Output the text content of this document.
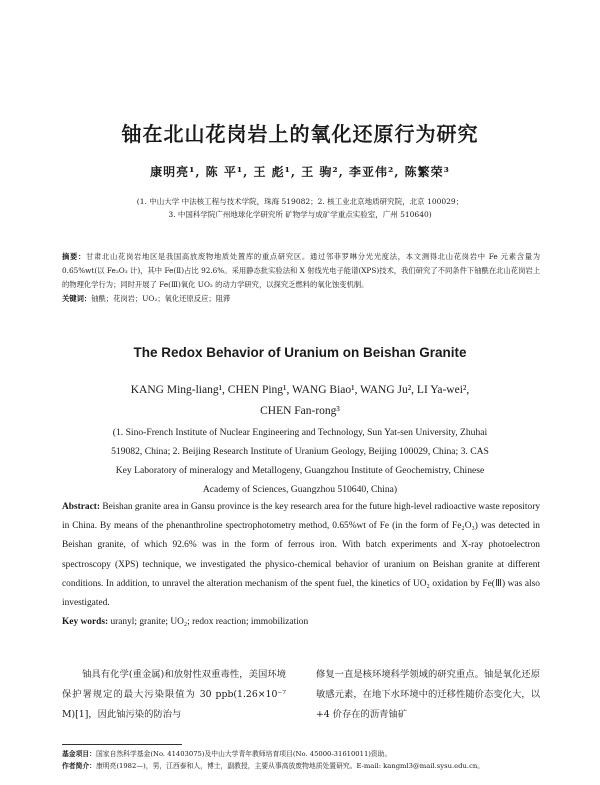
铀在北山花岗岩上的氧化还原行为研究
康明亮¹, 陈 平¹, 王 彪¹, 王 驹², 李亚伟², 陈繁荣³
(1. 中山大学 中法核工程与技术学院，珠海 519082；2. 核工业北京地质研究院，北京 100029；
3. 中国科学院广州地球化学研究所 矿物学与成矿学重点实验室，广州 510640)
摘要：甘肃北山花岗岩地区是我国高放废物地质处置库的重点研究区。通过邻菲罗啉分光光度法，本文测得北山花岗岩中 Fe 元素含量为 0.65%wt(以 Fe₂O₃ 计)，其中 Fe(Ⅱ)占比 92.6%。采用静态批实验法和 X 射线光电子能谱(XPS)技术，我们研究了不同条件下铀酰在北山花岗岩上的物理化学行为；同时开展了 Fe(Ⅲ)氧化 UO₂ 的动力学研究，以探究乏燃料的氧化蚀变机制。
关键词：铀酰；花岗岩；UO₂；氧化还原反应；阻滞
The Redox Behavior of Uranium on Beishan Granite
KANG Ming-liang¹, CHEN Ping¹, WANG Biao¹, WANG Ju², LI Ya-wei²,
CHEN Fan-rong³
(1. Sino-French Institute of Nuclear Engineering and Technology, Sun Yat-sen University, Zhuhai
519082, China; 2. Beijing Research Institute of Uranium Geology, Beijing 100029, China; 3. CAS
Key Laboratory of mineralogy and Metallogeny, Guangzhou Institute of Geochemistry, Chinese
Academy of Sciences, Guangzhou 510640, China)
Abstract: Beishan granite area in Gansu province is the key research area for the future high-level radioactive waste repository in China. By means of the phenanthroline spectrophotometry method, 0.65%wt of Fe (in the form of Fe₂O₃) was detected in Beishan granite, of which 92.6% was in the form of ferrous iron. With batch experiments and X-ray photoelectron spectroscopy (XPS) technique, we investigated the physico-chemical behavior of uranium on Beishan granite at different conditions. In addition, to unravel the alteration mechanism of the spent fuel, the kinetics of UO₂ oxidation by Fe(Ⅲ) was also investigated.
Key words: uranyl; granite; UO₂; redox reaction; immobilization
铀具有化学(重金属)和放射性双重毒性，美国环境保护署规定的最大污染限值为 30 ppb(1.26×10⁻⁷ M)[1]，因此铀污染的防治与
修复一直是核环境科学领域的研究重点。铀是氧化还原敏感元素，在地下水环境中的迁移性随价态变化大，以+4 价存在的沥青铀矿
基金项目：国家自然科学基金(No. 41403075)及中山大学青年教师培育项目(No. 45000-31610011)资助。
作者简介：康明亮(1982—)，男，江西泰和人，博士，副教授，主要从事高放废物地质处置研究。E-mail: kangml3@mail.sysu.edu.cn。
